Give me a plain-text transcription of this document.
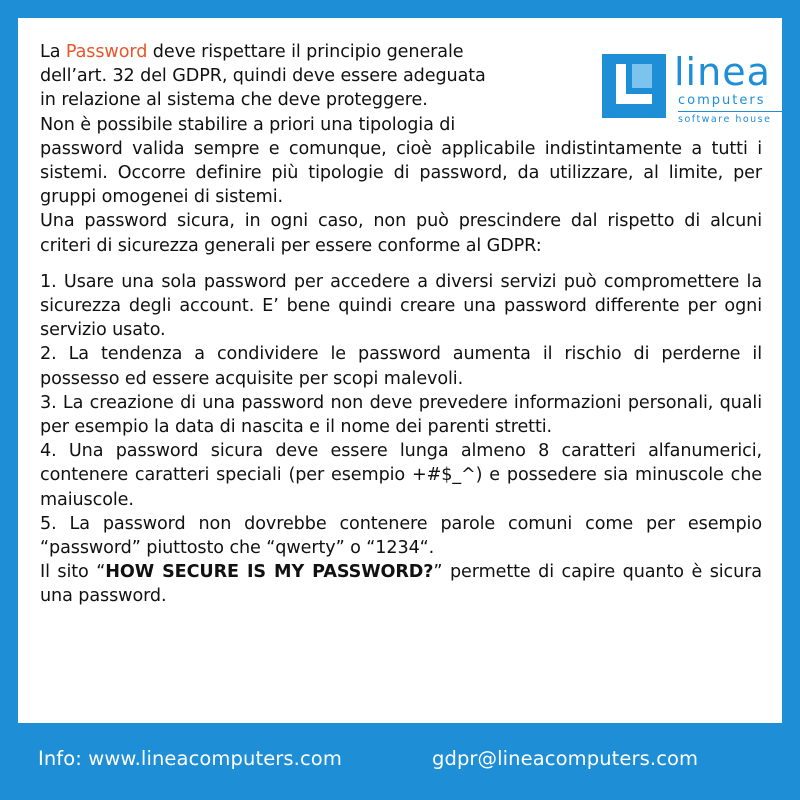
linea
computers
software house

La Password deve rispettare il principio generale

dell’art. 32 del GDPR, quindi deve essere adeguata

in relazione al sistema che deve proteggere.

Non è possibile stabilire a priori una tipologia di

password valida sempre e comunque, cioè applicabile indistintamente a tutti i sistemi. Occorre definire più tipologie di password, da utilizzare, al limite, per gruppi omogenei di sistemi.

Una password sicura, in ogni caso, non può prescindere dal rispetto di alcuni criteri di sicurezza generali per essere conforme al GDPR:

1. Usare una sola password per accedere a diversi servizi può compromettere la sicurezza degli account. E’ bene quindi creare una password differente per ogni servizio usato.

2. La tendenza a condividere le password aumenta il rischio di perderne il possesso ed essere acquisite per scopi malevoli.

3. La creazione di una password non deve prevedere informazioni personali, quali per esempio la data di nascita e il nome dei parenti stretti.

4. Una password sicura deve essere lunga almeno 8 caratteri alfanumerici, contenere caratteri speciali (per esempio +#$_^) e possedere sia minuscole che maiuscole.

5. La password non dovrebbe contenere parole comuni come per esempio “password” piuttosto che “qwerty” o “1234“.

Il sito “HOW SECURE IS MY PASSWORD?” permette di capire quanto è sicura una password.

Info: www.lineacomputers.com	gdpr@lineacomputers.com
